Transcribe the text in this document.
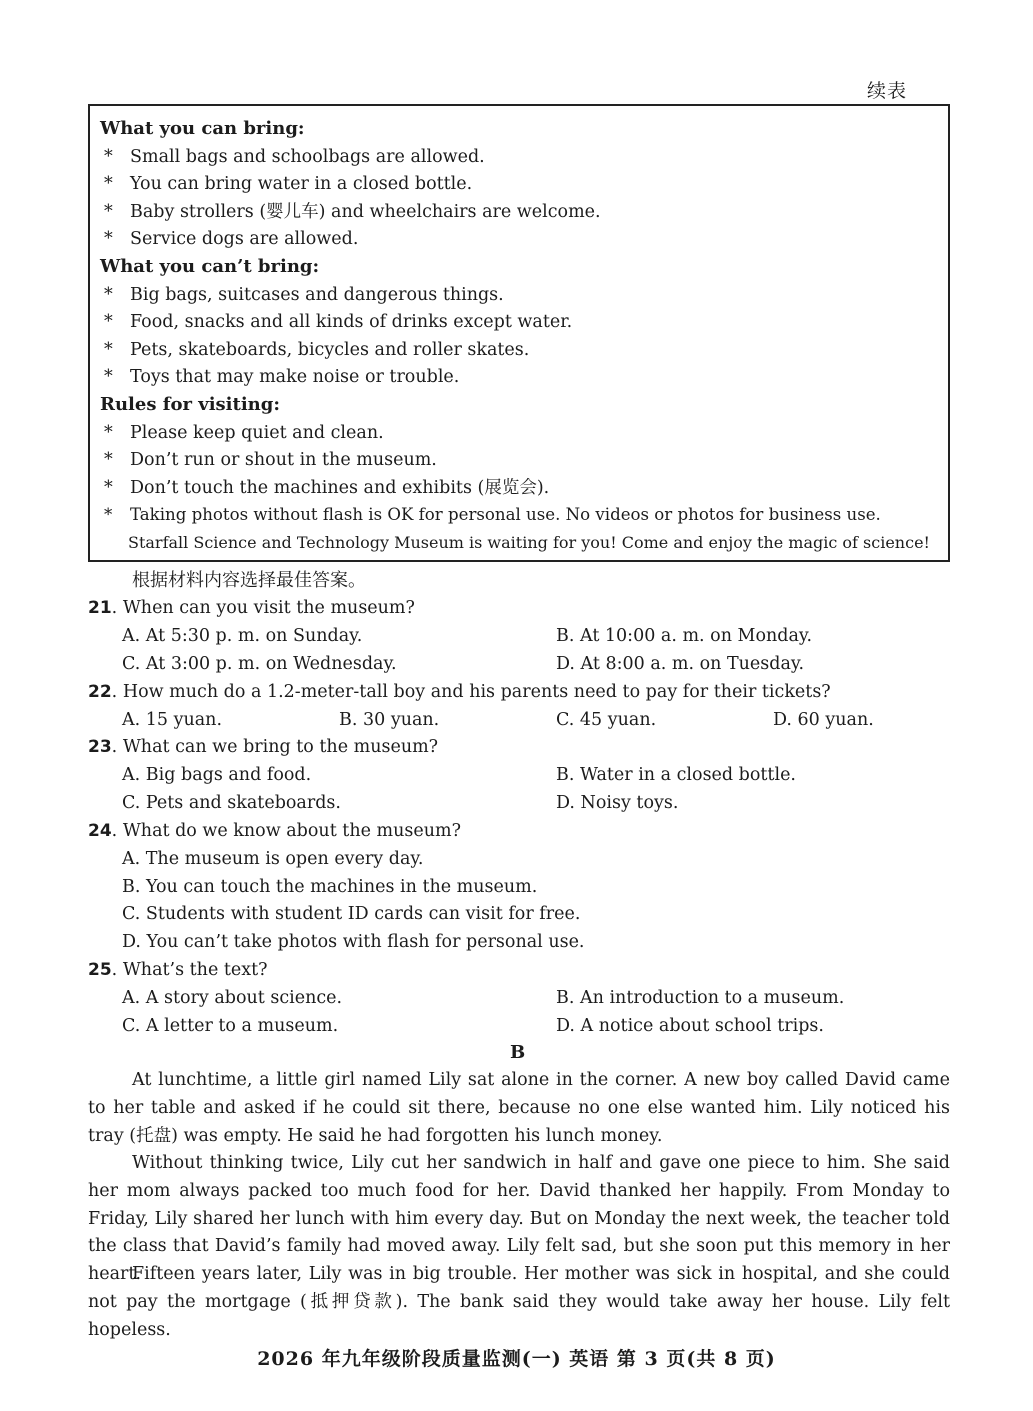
续表
What you can bring:
* Small bags and schoolbags are allowed.
* You can bring water in a closed bottle.
* Baby strollers (婴儿车) and wheelchairs are welcome.
* Service dogs are allowed.
What you can’t bring:
* Big bags, suitcases and dangerous things.
* Food, snacks and all kinds of drinks except water.
* Pets, skateboards, bicycles and roller skates.
* Toys that may make noise or trouble.
Rules for visiting:
* Please keep quiet and clean.
* Don’t run or shout in the museum.
* Don’t touch the machines and exhibits (展览会).
* Taking photos without flash is OK for personal use. No videos or photos for business use.
Starfall Science and Technology Museum is waiting for you! Come and enjoy the magic of science!
根据材料内容选择最佳答案。
21. When can you visit the museum?
A. At 5:30 p. m. on Sunday.	B. At 10:00 a. m. on Monday.
C. At 3:00 p. m. on Wednesday.	D. At 8:00 a. m. on Tuesday.
22. How much do a 1.2-meter-tall boy and his parents need to pay for their tickets?
A. 15 yuan.	B. 30 yuan.	C. 45 yuan.	D. 60 yuan.
23. What can we bring to the museum?
A. Big bags and food.	B. Water in a closed bottle.
C. Pets and skateboards.	D. Noisy toys.
24. What do we know about the museum?
A. The museum is open every day.
B. You can touch the machines in the museum.
C. Students with student ID cards can visit for free.
D. You can’t take photos with flash for personal use.
25. What’s the text?
A. A story about science.	B. An introduction to a museum.
C. A letter to a museum.	D. A notice about school trips.
B
At lunchtime, a little girl named Lily sat alone in the corner. A new boy called David came to her table and asked if he could sit there, because no one else wanted him. Lily noticed his tray (托盘) was empty. He said he had forgotten his lunch money.
Without thinking twice, Lily cut her sandwich in half and gave one piece to him. She said her mom always packed too much food for her. David thanked her happily. From Monday to Friday, Lily shared her lunch with him every day. But on Monday the next week, the teacher told the class that David’s family had moved away. Lily felt sad, but she soon put this memory in her heart.
Fifteen years later, Lily was in big trouble. Her mother was sick in hospital, and she could not pay the mortgage (抵押贷款). The bank said they would take away her house. Lily felt hopeless.
2026 年九年级阶段质量监测(一) 英语 第 3 页(共 8 页)
